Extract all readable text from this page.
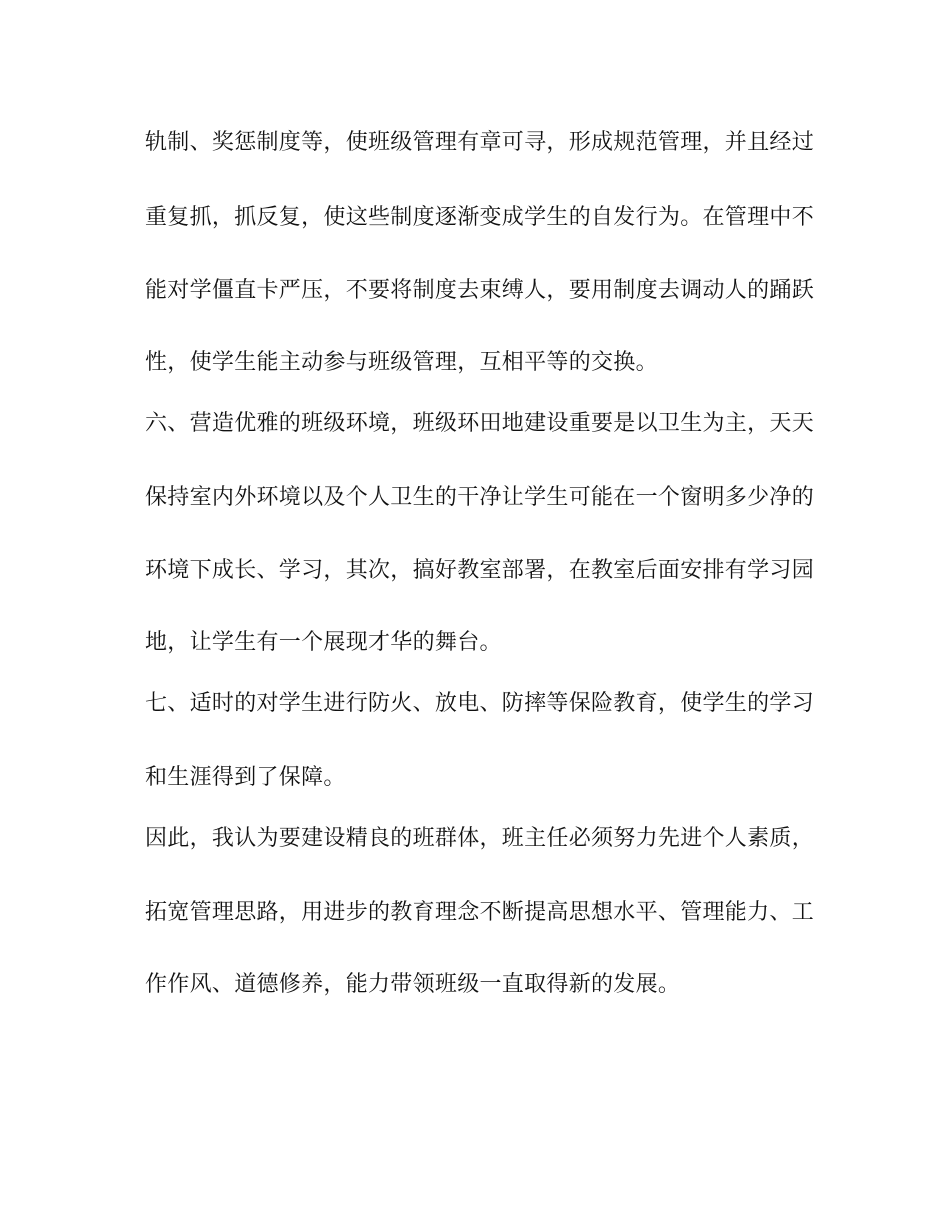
轨制、奖惩制度等，使班级管理有章可寻，形成规范管理，并且经过
重复抓，抓反复，使这些制度逐渐变成学生的自发行为。在管理中不
能对学僵直卡严压，不要将制度去束缚人，要用制度去调动人的踊跃
性，使学生能主动参与班级管理，互相平等的交换。
六、营造优雅的班级环境，班级环田地建设重要是以卫生为主，天天
保持室内外环境以及个人卫生的干净让学生可能在一个窗明多少净的
环境下成长、学习，其次，搞好教室部署，在教室后面安排有学习园
地，让学生有一个展现才华的舞台。
七、适时的对学生进行防火、放电、防摔等保险教育，使学生的学习
和生涯得到了保障。
因此，我认为要建设精良的班群体，班主任必须努力先进个人素质，
拓宽管理思路，用进步的教育理念不断提高思想水平、管理能力、工
作作风、道德修养，能力带领班级一直取得新的发展。
